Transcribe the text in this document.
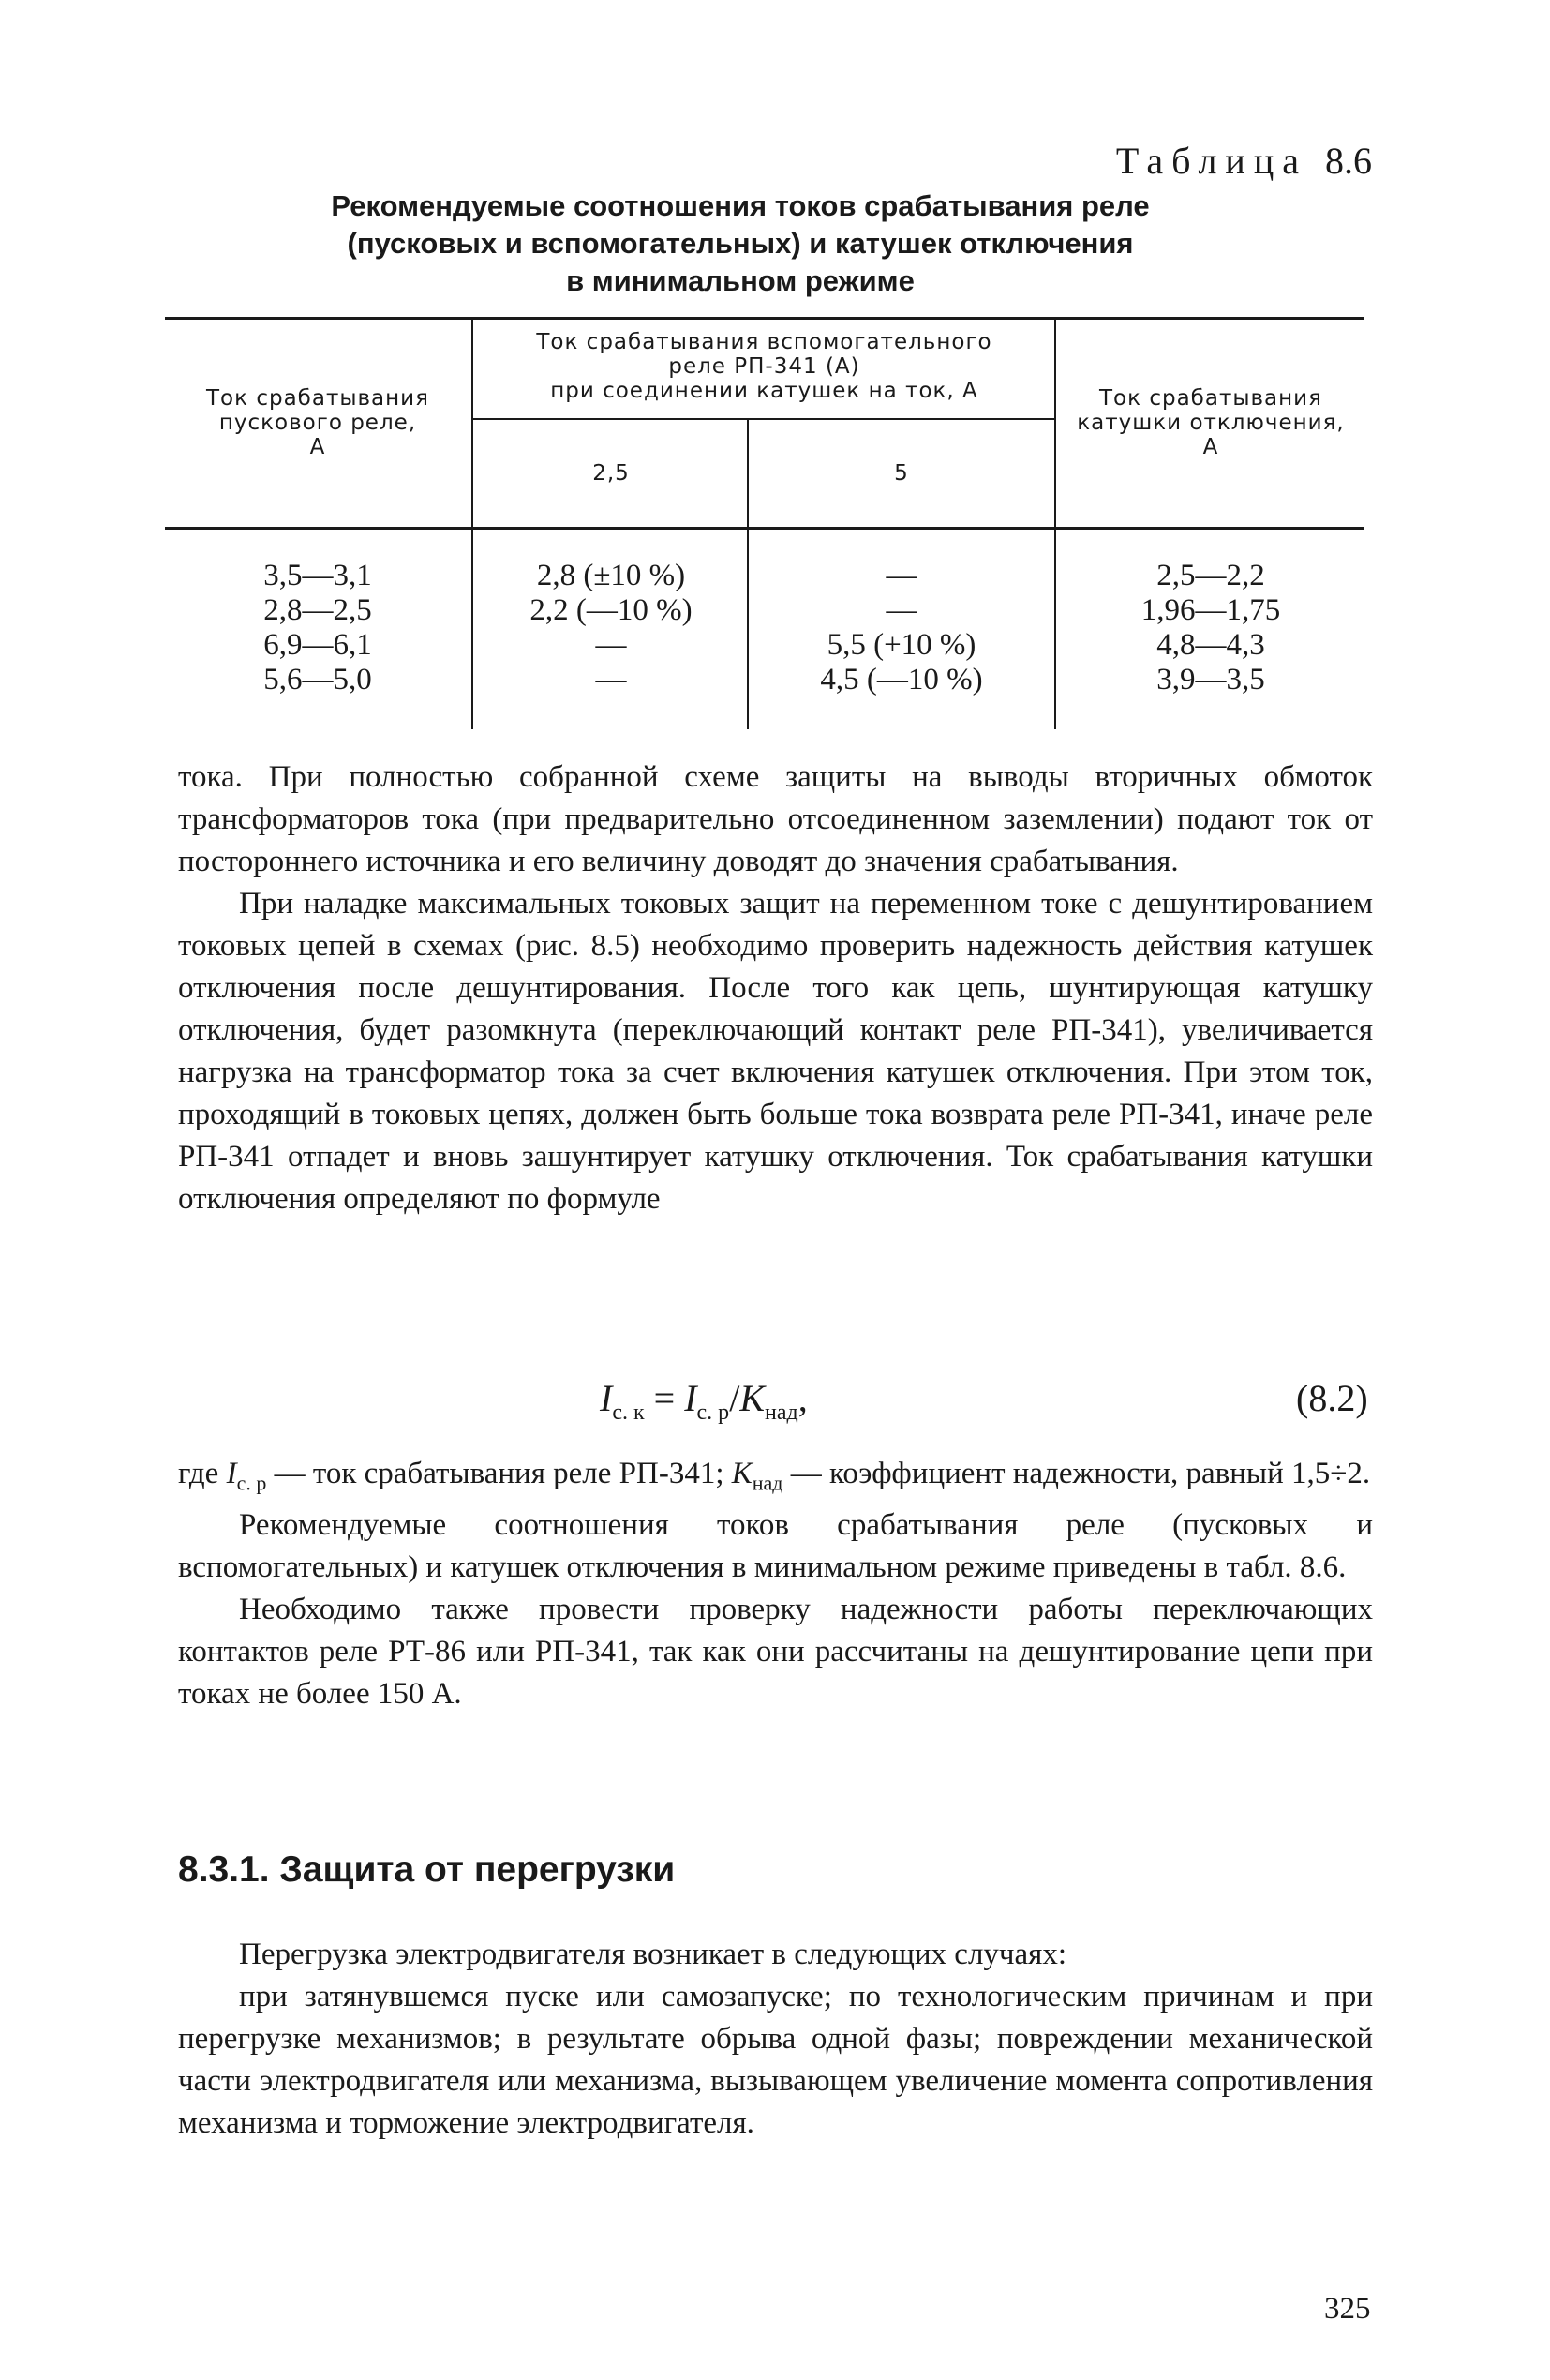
Таблица 8.6
Рекомендуемые соотношения токов срабатывания реле
(пусковых и вспомогательных) и катушек отключения
в минимальном режиме
Ток срабатывания
пускового реле,
А
Ток срабатывания вспомогательного
реле РП-341 (А)
при соединении катушек на ток, А
2,5	5
Ток срабатывания
катушки отключения,
А
3,5—3,1
2,8—2,5
6,9—6,1
5,6—5,0
2,8 (±10 %)
2,2 (—10 %)
—
—
—
—
5,5 (+10 %)
4,5 (—10 %)
2,5—2,2
1,96—1,75
4,8—4,3
3,9—3,5

тока. При полностью собранной схеме защиты на выводы вторичных обмоток трансформаторов тока (при предварительно отсоединенном заземлении) подают ток от постороннего источника и его величину доводят до значения срабатывания.

При наладке максимальных токовых защит на переменном токе с дешунтированием токовых цепей в схемах (рис. 8.5) необходимо проверить надежность действия катушек отключения после дешунтирования. После того как цепь, шунтирующая катушку отключения, будет разомкнута (переключающий контакт реле РП-341), увеличивается нагрузка на трансформатор тока за счет включения катушек отключения. При этом ток, проходящий в токовых цепях, должен быть больше тока возврата реле РП-341, иначе реле РП-341 отпадет и вновь зашунтирует катушку отключения. Ток срабатывания катушки отключения определяют по формуле

$I_{с. к} = I_{с. р}/K_{над}$,	(8.2)

где $I_{с. р}$ — ток срабатывания реле РП-341; $K_{над}$ — коэффициент надежности, равный 1,5÷2.

Рекомендуемые соотношения токов срабатывания реле (пусковых и вспомогательных) и катушек отключения в минимальном режиме приведены в табл. 8.6.

Необходимо также провести проверку надежности работы переключающих контактов реле РТ-86 или РП-341, так как они рассчитаны на дешунтирование цепи при токах не более 150 А.

8.3.1. Защита от перегрузки

Перегрузка электродвигателя возникает в следующих случаях:

при затянувшемся пуске или самозапуске; по технологическим причинам и при перегрузке механизмов; в результате обрыва одной фазы; повреждении механической части электродвигателя или механизма, вызывающем увеличение момента сопротивления механизма и торможение электродвигателя.

325
